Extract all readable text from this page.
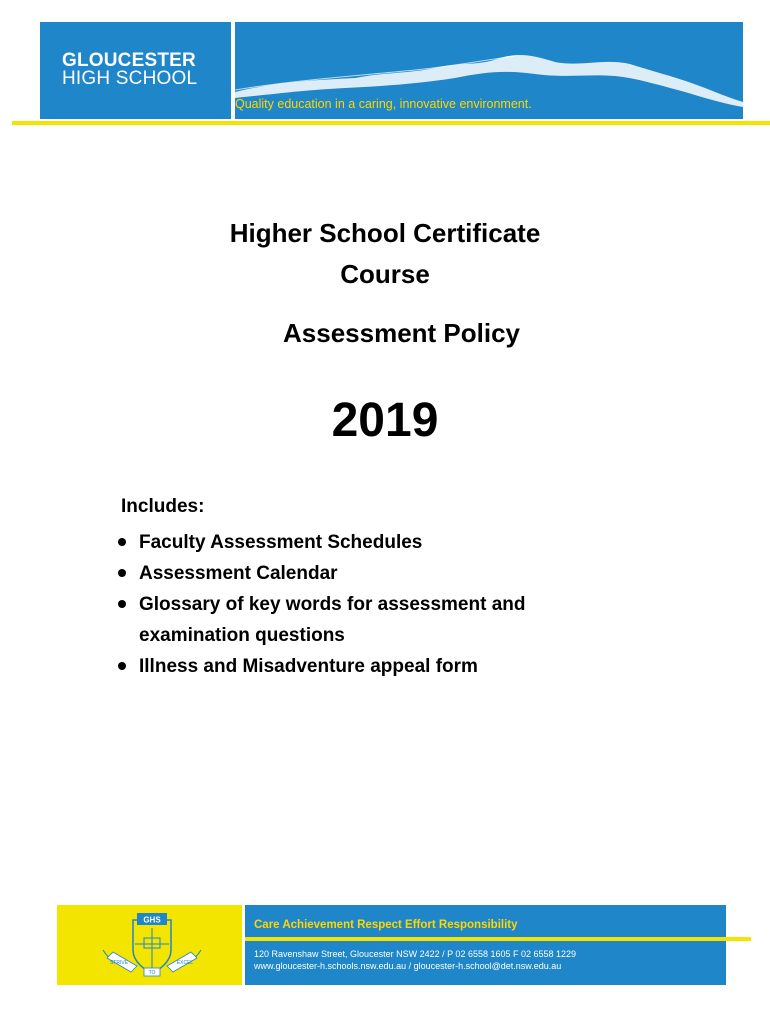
GLOUCESTER
HIGH SCHOOL
Quality education in a caring, innovative environment.
Higher School Certificate
Course
Assessment Policy
2019
Includes:
Faculty Assessment Schedules
Assessment Calendar
Glossary of key words for assessment and examination questions
Illness and Misadventure appeal form
GHS
STRIVE
TO
EXCEL
Care Achievement Respect Effort Responsibility
120 Ravenshaw Street, Gloucester NSW 2422 / P 02 6558 1605 F 02 6558 1229
www.gloucester-h.schools.nsw.edu.au / gloucester-h.school@det.nsw.edu.au
